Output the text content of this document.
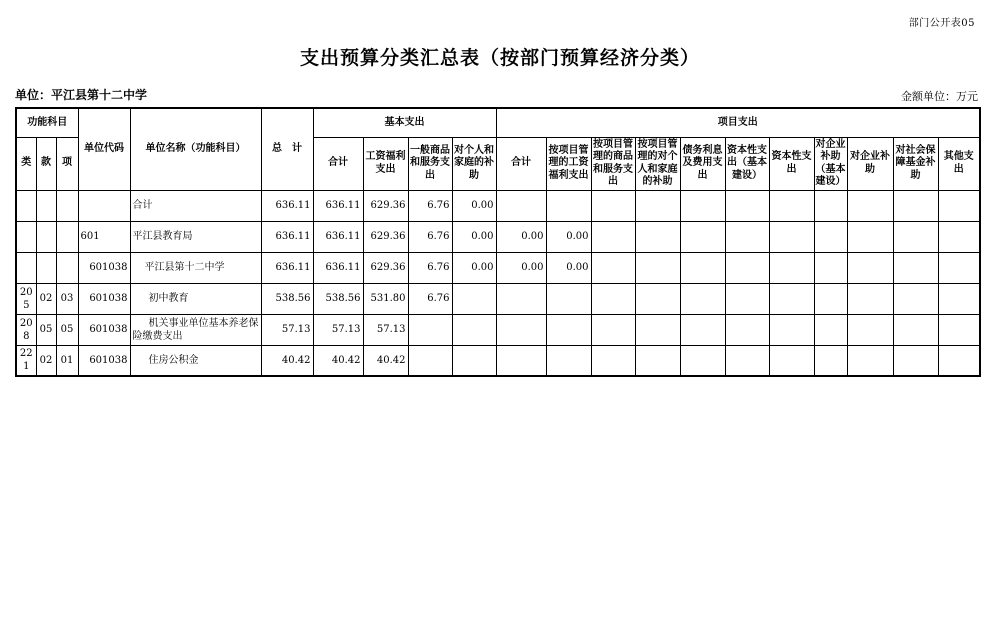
部门公开表05
支出预算分类汇总表（按部门预算经济分类）
单位：平江县第十二中学	金额单位：万元
功能科目			单位代码	单位名称（功能科目）	总　计	基本支出				项目支出										
类	款	项				合计	工资福利支出	一般商品和服务支出	对个人和家庭的补助	合计	按项目管理的工资福利支出	按项目管理的商品和服务支出	按项目管理的对个人和家庭的补助	债务利息及费用支出	资本性支出（基本建设）	资本性支出	对企业补助（基本建设）	对企业补助	对社会保障基金补助	其他支出
				合计	636.11	636.11	629.36	6.76	0.00											
			601	平江县教育局	636.11	636.11	629.36	6.76	0.00	0.00	0.00									
			601038	平江县第十二中学	636.11	636.11	629.36	6.76	0.00	0.00	0.00									
205	02	03	601038	初中教育	538.56	538.56	531.80	6.76												
208	05	05	601038	机关事业单位基本养老保险缴费支出	57.13	57.13	57.13													
221	02	01	601038	住房公积金	40.42	40.42	40.42													
